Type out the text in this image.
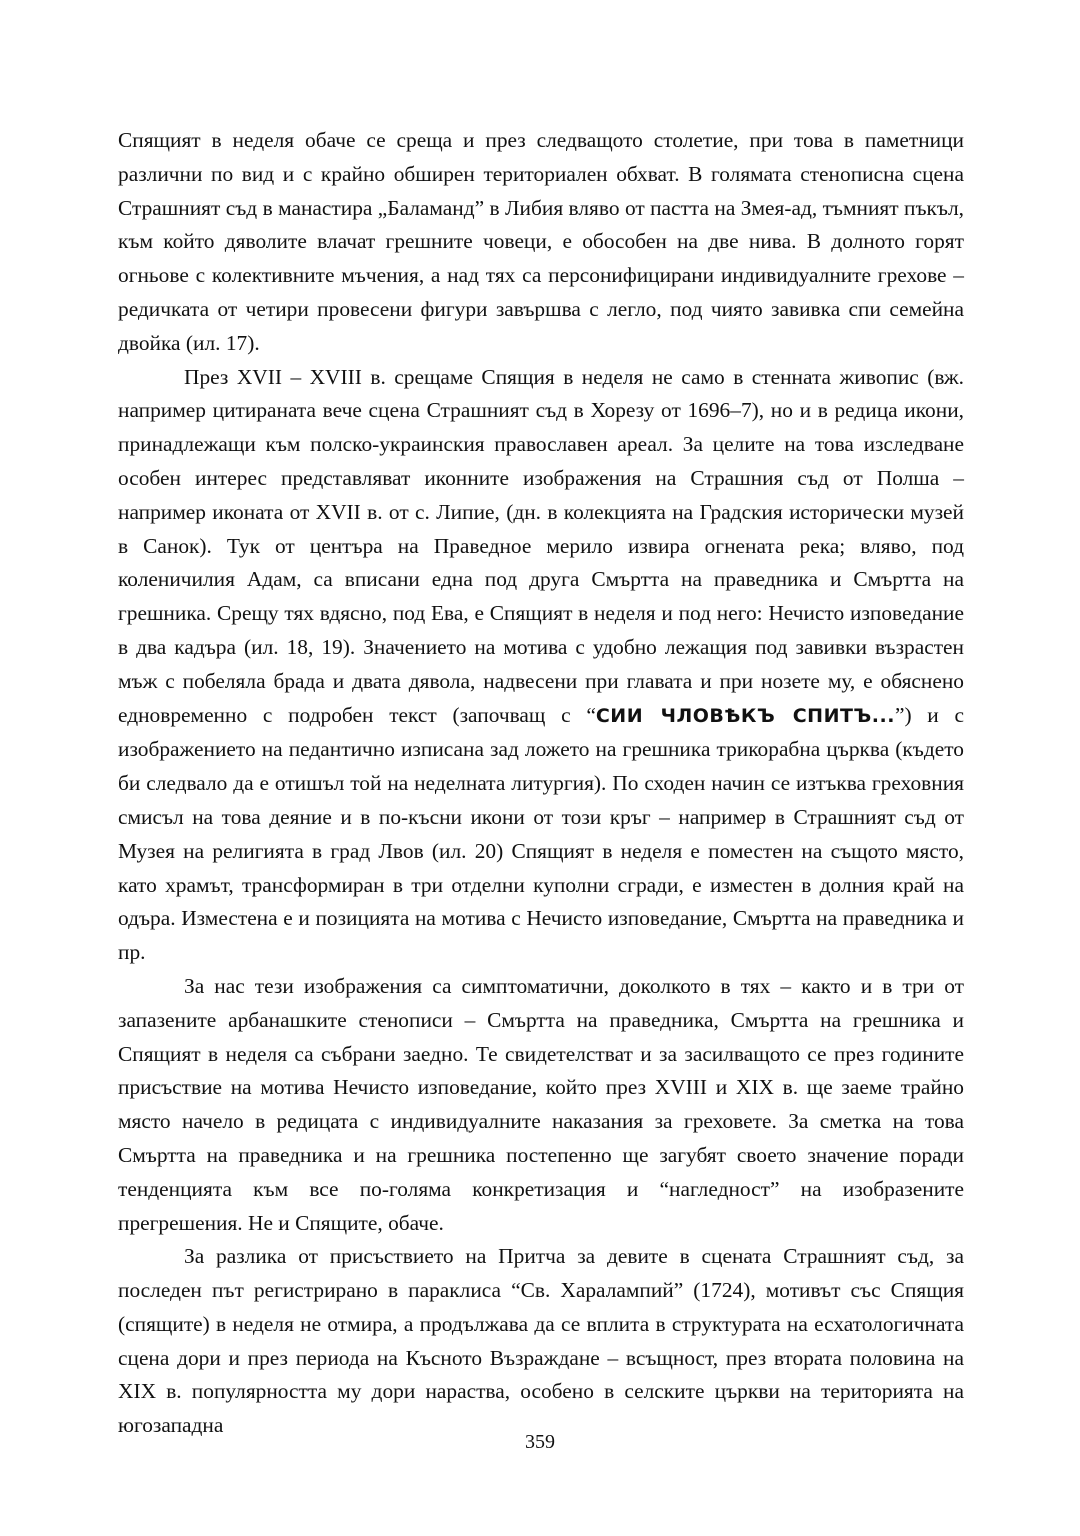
Спящият в неделя обаче се среща и през следващото столетие, при това в паметници различни по вид и с крайно обширен териториален обхват. В голямата стенописна сцена Страшният съд в манастира „Баламанд” в Либия вляво от пастта на Змея-ад, тъмният пъкъл, към който дяволите влачат грешните човеци, е обособен на две нива. В долното горят огньове с колективните мъчения, а над тях са персонифицирани индивидуалните грехове – редичката от четири провесени фигури завършва с легло, под чиято завивка спи семейна двойка (ил. 17).

През XVII – XVIII в. срещаме Спящия в неделя не само в стенната живопис (вж. например цитираната вече сцена Страшният съд в Хорезу от 1696–7), но и в редица икони, принадлежащи към полско-украинския православен ареал. За целите на това изследване особен интерес представляват иконните изображения на Страшния съд от Полша – например иконата от XVII в. от с. Липие, (дн. в колекцията на Градския исторически музей в Санок). Тук от центъра на Праведное мерило извира огнената река; вляво, под коленичилия Адам, са вписани една под друга Смъртта на праведника и Смъртта на грешника. Срещу тях вдясно, под Ева, е Спящият в неделя и под него: Нечисто изповедание в два кадъра (ил. 18, 19). Значението на мотива с удобно лежащия под завивки възрастен мъж с побеляла брада и двата дявола, надвесени при главата и при нозете му, е обяснено едновременно с подробен текст (започващ с “СИИ ЧЛОВѢКЪ СПИТЪ...”) и с изображението на педантично изписана зад ложето на грешника трикорабна църква (където би следвало да е отишъл той на неделната литургия). По сходен начин се изтъква греховния смисъл на това деяние и в по-късни икони от този кръг – например в Страшният съд от Музея на религията в град Лвов (ил. 20) Спящият в неделя е поместен на същото място, като храмът, трансформиран в три отделни куполни сгради, е изместен в долния край на одъра. Изместена е и позицията на мотива с Нечисто изповедание, Смъртта на праведника и пр.

За нас тези изображения са симптоматични, доколкото в тях – както и в три от запазените арбанашките стенописи – Смъртта на праведника, Смъртта на грешника и Спящият в неделя са събрани заедно. Те свидетелстват и за засилващото се през годините присъствие на мотива Нечисто изповедание, който през XVIII и XIX в. ще заеме трайно място начело в редицата с индивидуалните наказания за греховете. За сметка на това Смъртта на праведника и на грешника постепенно ще загубят своето значение поради тенденцията към все по-голяма конкретизация и “нагледност” на изобразените прегрешения. Не и Спящите, обаче.

За разлика от присъствието на Притча за девите в сцената Страшният съд, за последен път регистрирано в параклиса “Св. Харалампий” (1724), мотивът със Спящия (спящите) в неделя не отмира, а продължава да се вплита в структурата на есхатологичната сцена дори и през периода на Късното Възраждане – всъщност, през втората половина на XIX в. популярността му дори нараства, особено в селските църкви на територията на югозападна

359
